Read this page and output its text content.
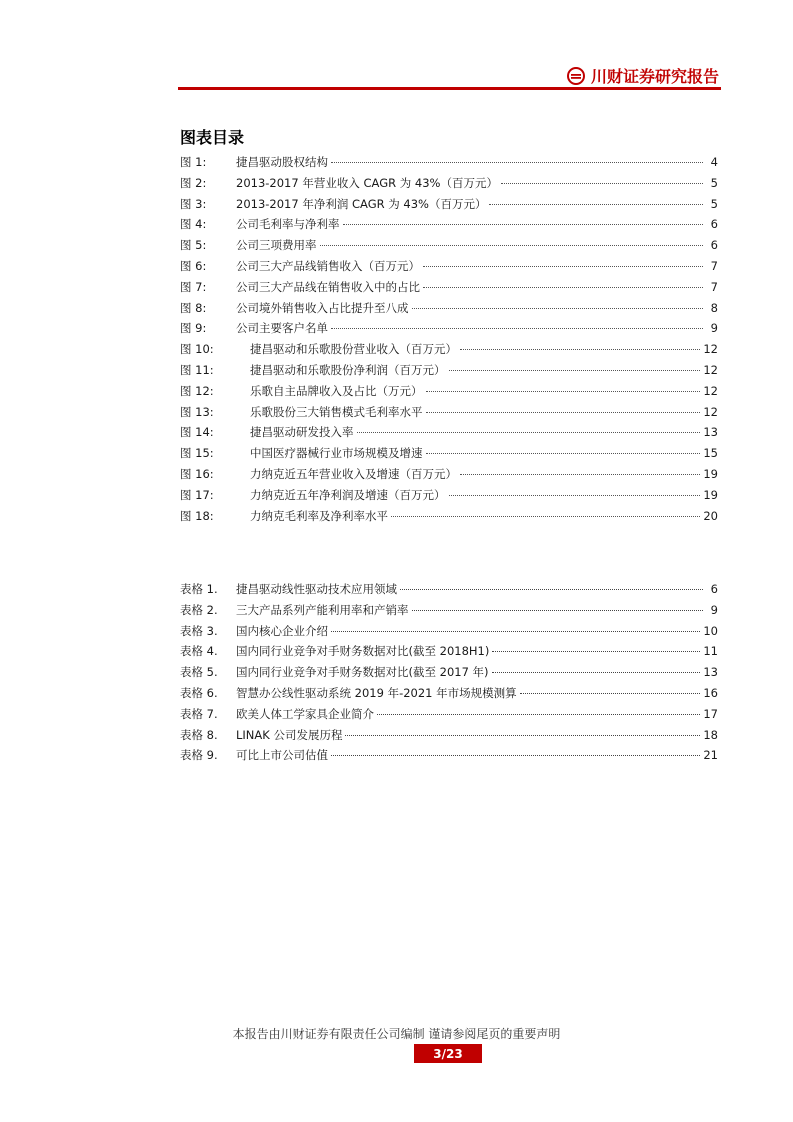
川财证券研究报告
图表目录
图 1:	捷昌驱动股权结构	4
图 2:	2013-2017 年营业收入 CAGR 为 43%（百万元）	5
图 3:	2013-2017 年净利润 CAGR 为 43%（百万元）	5
图 4:	公司毛利率与净利率	6
图 5:	公司三项费用率	6
图 6:	公司三大产品线销售收入（百万元）	7
图 7:	公司三大产品线在销售收入中的占比	7
图 8:	公司境外销售收入占比提升至八成	8
图 9:	公司主要客户名单	9
图 10:	捷昌驱动和乐歌股份营业收入（百万元）	12
图 11:	捷昌驱动和乐歌股份净利润（百万元）	12
图 12:	乐歌自主品牌收入及占比（万元）	12
图 13:	乐歌股份三大销售模式毛利率水平	12
图 14:	捷昌驱动研发投入率	13
图 15:	中国医疗器械行业市场规模及增速	15
图 16:	力纳克近五年营业收入及增速（百万元）	19
图 17:	力纳克近五年净利润及增速（百万元）	19
图 18:	力纳克毛利率及净利率水平	20
表格 1.	捷昌驱动线性驱动技术应用领域	6
表格 2.	三大产品系列产能利用率和产销率	9
表格 3.	国内核心企业介绍	10
表格 4.	国内同行业竞争对手财务数据对比(截至 2018H1)	11
表格 5.	国内同行业竞争对手财务数据对比(截至 2017 年)	13
表格 6.	智慧办公线性驱动系统 2019 年-2021 年市场规模测算	16
表格 7.	欧美人体工学家具企业简介	17
表格 8.	LINAK 公司发展历程	18
表格 9.	可比上市公司估值	21
本报告由川财证券有限责任公司编制 谨请参阅尾页的重要声明
3/23
